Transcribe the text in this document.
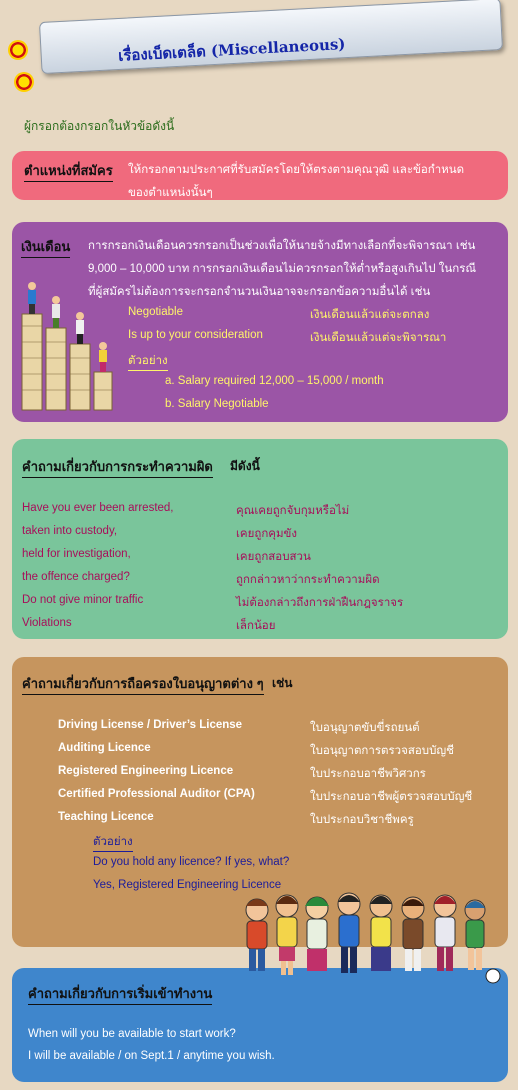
เรื่องเบ็ดเตล็ด (Miscellaneous)
ผู้กรอกต้องกรอกในหัวข้อดังนี้
ตำแหน่งที่สมัคร ให้กรอกตามประกาศที่รับสมัครโดยให้ตรงตามคุณวุฒิ และข้อกำหนด
ของตำแหน่งนั้นๆ
เงินเดือน การกรอกเงินเดือนควรกรอกเป็นช่วงเพื่อให้นายจ้างมีทางเลือกที่จะพิจารณา เช่น
9,000 – 10,000 บาท การกรอกเงินเดือนไม่ควรกรอกให้ต่ำหรือสูงเกินไป ในกรณี
ที่ผู้สมัครไม่ต้องการจะกรอกจำนวนเงินอาจจะกรอกข้อความอื่นได้ เช่น
Negotiable	เงินเดือนแล้วแต่จะตกลง
Is up to your consideration	เงินเดือนแล้วแต่จะพิจารณา
ตัวอย่าง
a. Salary required 12,000 – 15,000 / month
b. Salary Negotiable
คำถามเกี่ยวกับการกระทำความผิด มีดังนี้
Have you ever been arrested,	คุณเคยถูกจับกุมหรือไม่
taken into custody,	เคยถูกคุมขัง
held for investigation,	เคยถูกสอบสวน
the offence charged?	ถูกกล่าวหาว่ากระทำความผิด
Do not give minor traffic	ไม่ต้องกล่าวถึงการฝ่าฝืนกฎจราจร
Violations	เล็กน้อย
คำถามเกี่ยวกับการถือครองใบอนุญาตต่าง ๆ เช่น
Driving License / Driver’s License	ใบอนุญาตขับขี่รถยนต์
Auditing Licence	ใบอนุญาตการตรวจสอบบัญชี
Registered Engineering Licence	ใบประกอบอาชีพวิศวกร
Certified Professional Auditor (CPA)	ใบประกอบอาชีพผู้ตรวจสอบบัญชี
Teaching Licence	ใบประกอบวิชาชีพครู
ตัวอย่าง
Do you hold any licence? If yes, what?
Yes, Registered Engineering Licence
คำถามเกี่ยวกับการเริ่มเข้าทำงาน
When will you be available to start work?
I will be available / on Sept.1 / anytime you wish.
